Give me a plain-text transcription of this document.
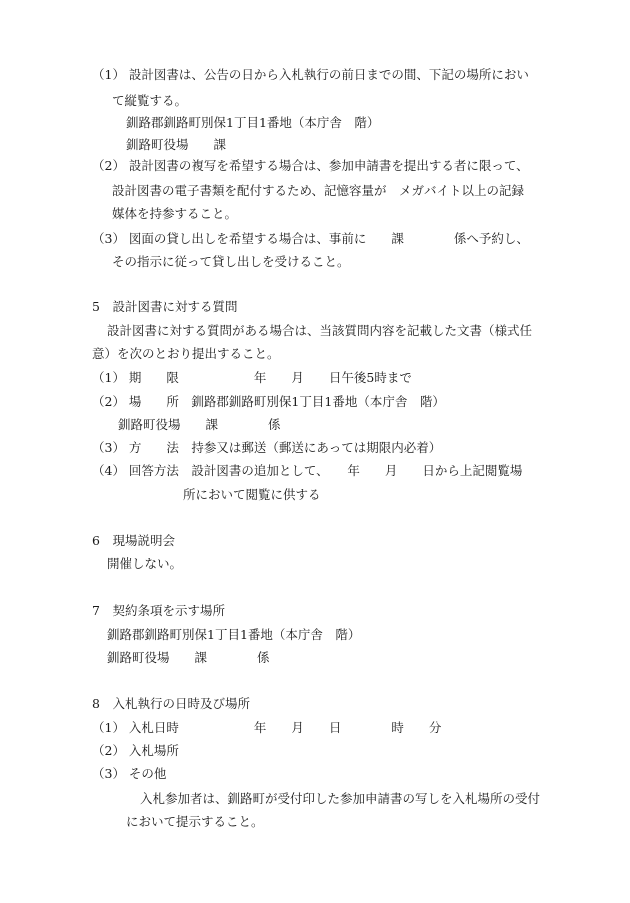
（1） 設計図書は、公告の日から入札執行の前日までの間、下記の場所におい
て縦覧する。
釧路郡釧路町別保1丁目1番地（本庁舎　階）
釧路町役場　　課
（2） 設計図書の複写を希望する場合は、参加申請書を提出する者に限って、
設計図書の電子書類を配付するため、記憶容量が　メガバイト以上の記録
媒体を持参すること。
（3） 図面の貸し出しを希望する場合は、事前に　　課　　　　係へ予約し、
その指示に従って貸し出しを受けること。
5　設計図書に対する質問
設計図書に対する質問がある場合は、当該質問内容を記載した文書（様式任
意）を次のとおり提出すること。
（1） 期　　限　　　　　　年　　月　　日午後5時まで
（2） 場　　所　釧路郡釧路町別保1丁目1番地（本庁舎　階）
釧路町役場　　課　　　　係
（3） 方　　法　持参又は郵送（郵送にあっては期限内必着）
（4） 回答方法　設計図書の追加として、　　年　　月　　日から上記閲覧場
所において閲覧に供する
6　現場説明会
開催しない。
7　契約条項を示す場所
釧路郡釧路町別保1丁目1番地（本庁舎　階）
釧路町役場　　課　　　　係
8　入札執行の日時及び場所
（1） 入札日時　　　　　　年　　月　　日　　　　時　　分
（2） 入札場所
（3） その他
入札参加者は、釧路町が受付印した参加申請書の写しを入札場所の受付
において提示すること。
